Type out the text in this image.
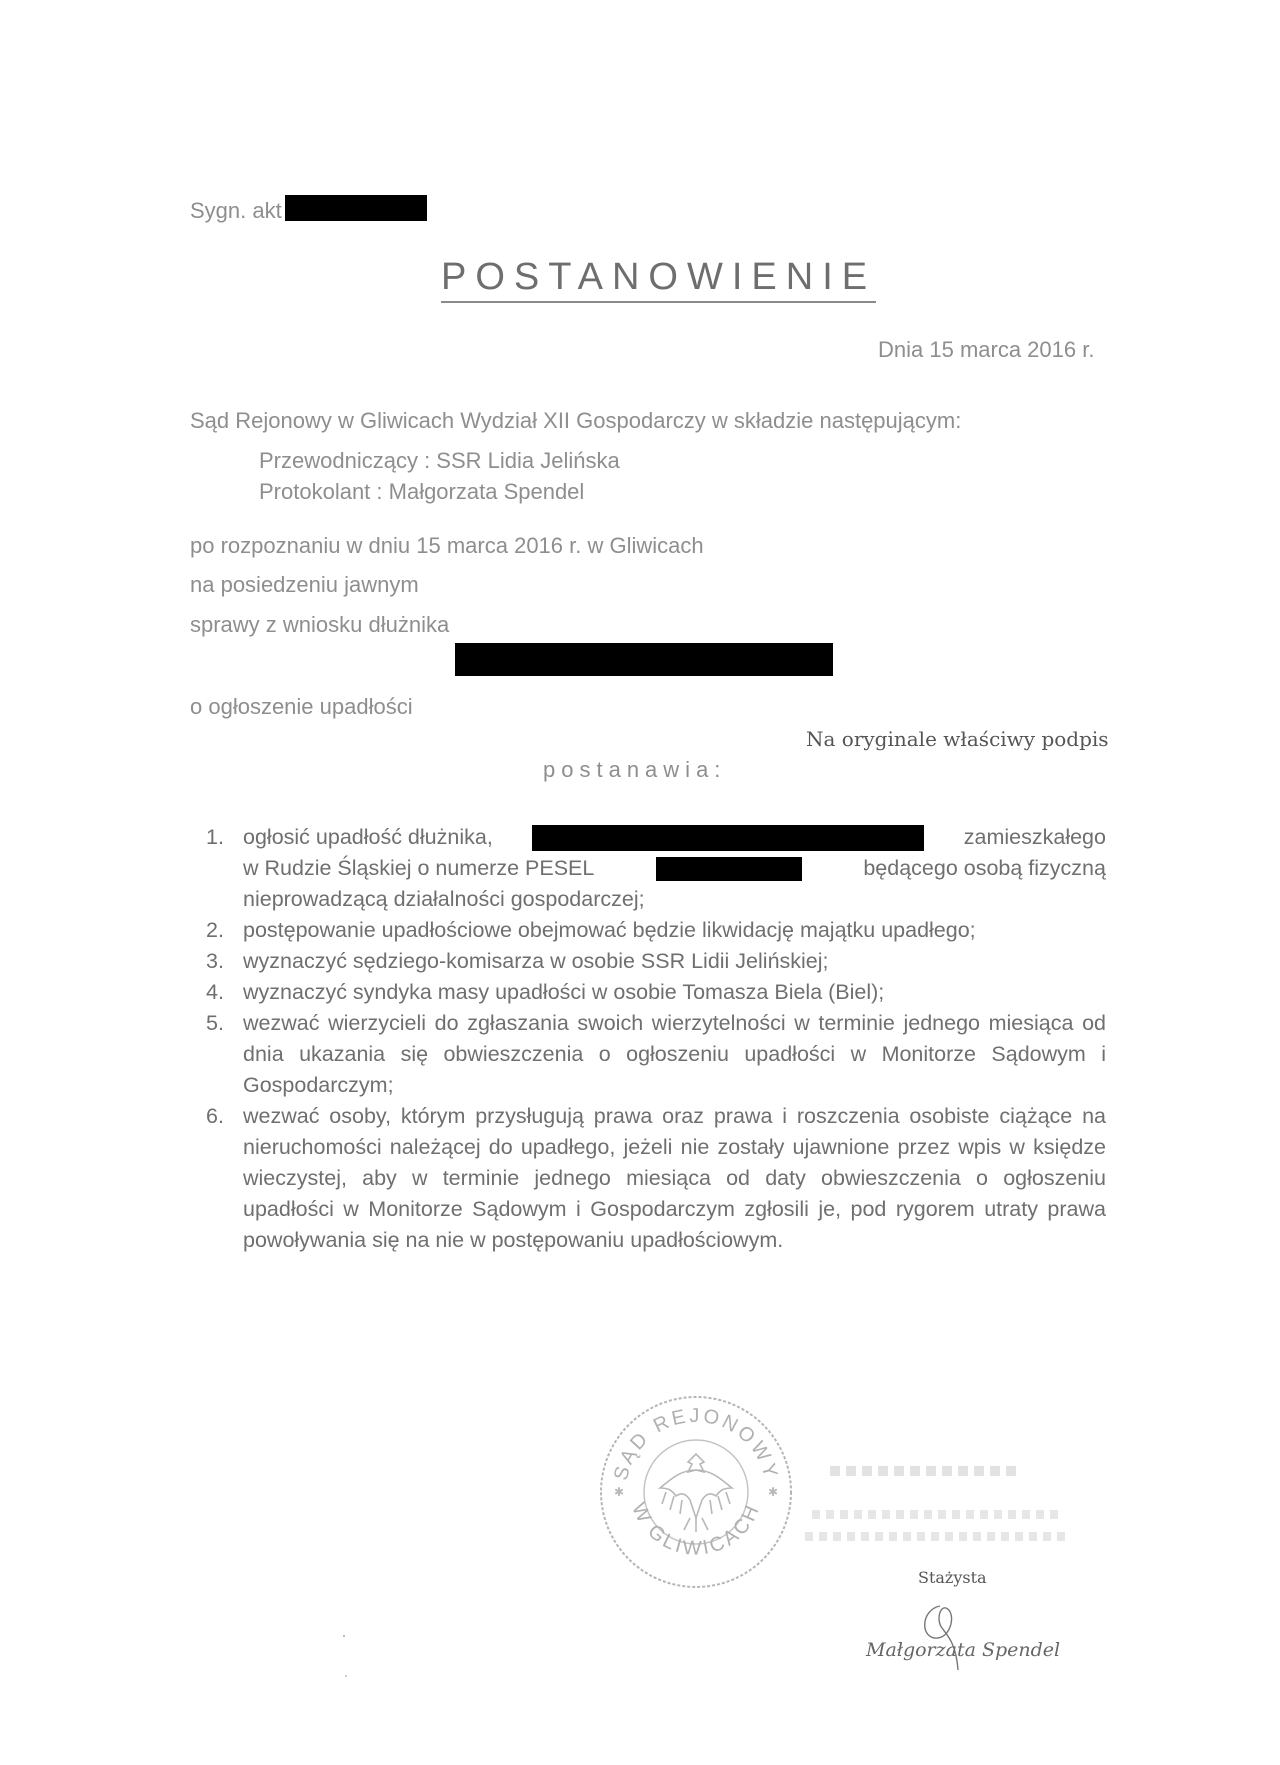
Sygn. akt
POSTANOWIENIE
Dnia 15 marca 2016 r.
Sąd Rejonowy w Gliwicach Wydział XII Gospodarczy w składzie następującym:
Przewodniczący : SSR Lidia Jelińska
Protokolant : Małgorzata Spendel
po rozpoznaniu w dniu 15 marca 2016 r. w Gliwicach
na posiedzeniu jawnym
sprawy z wniosku dłużnika
o ogłoszenie upadłości
Na oryginale właściwy podpis
postanawia:
1. ogłosić upadłość dłużnika,	zamieszkałego
w Rudzie Śląskiej o numerze PESEL	będącego osobą fizyczną
nieprowadzącą działalności gospodarczej;
2. postępowanie upadłościowe obejmować będzie likwidację majątku upadłego;
3. wyznaczyć sędziego-komisarza w osobie SSR Lidii Jelińskiej;
4. wyznaczyć syndyka masy upadłości w osobie Tomasza Biela (Biel);
5. wezwać wierzycieli do zgłaszania swoich wierzytelności w terminie jednego miesiąca od dnia ukazania się obwieszczenia o ogłoszeniu upadłości w Monitorze Sądowym i Gospodarczym;
6. wezwać osoby, którym przysługują prawa oraz prawa i roszczenia osobiste ciążące na nieruchomości należącej do upadłego, jeżeli nie zostały ujawnione przez wpis w księdze wieczystej, aby w terminie jednego miesiąca od daty obwieszczenia o ogłoszeniu upadłości w Monitorze Sądowym i Gospodarczym zgłosili je, pod rygorem utraty prawa powoływania się na nie w postępowaniu upadłościowym.
SĄD REJONOWY
W GLIWICACH
✱	✱
Stażysta
Małgorzata Spendel
